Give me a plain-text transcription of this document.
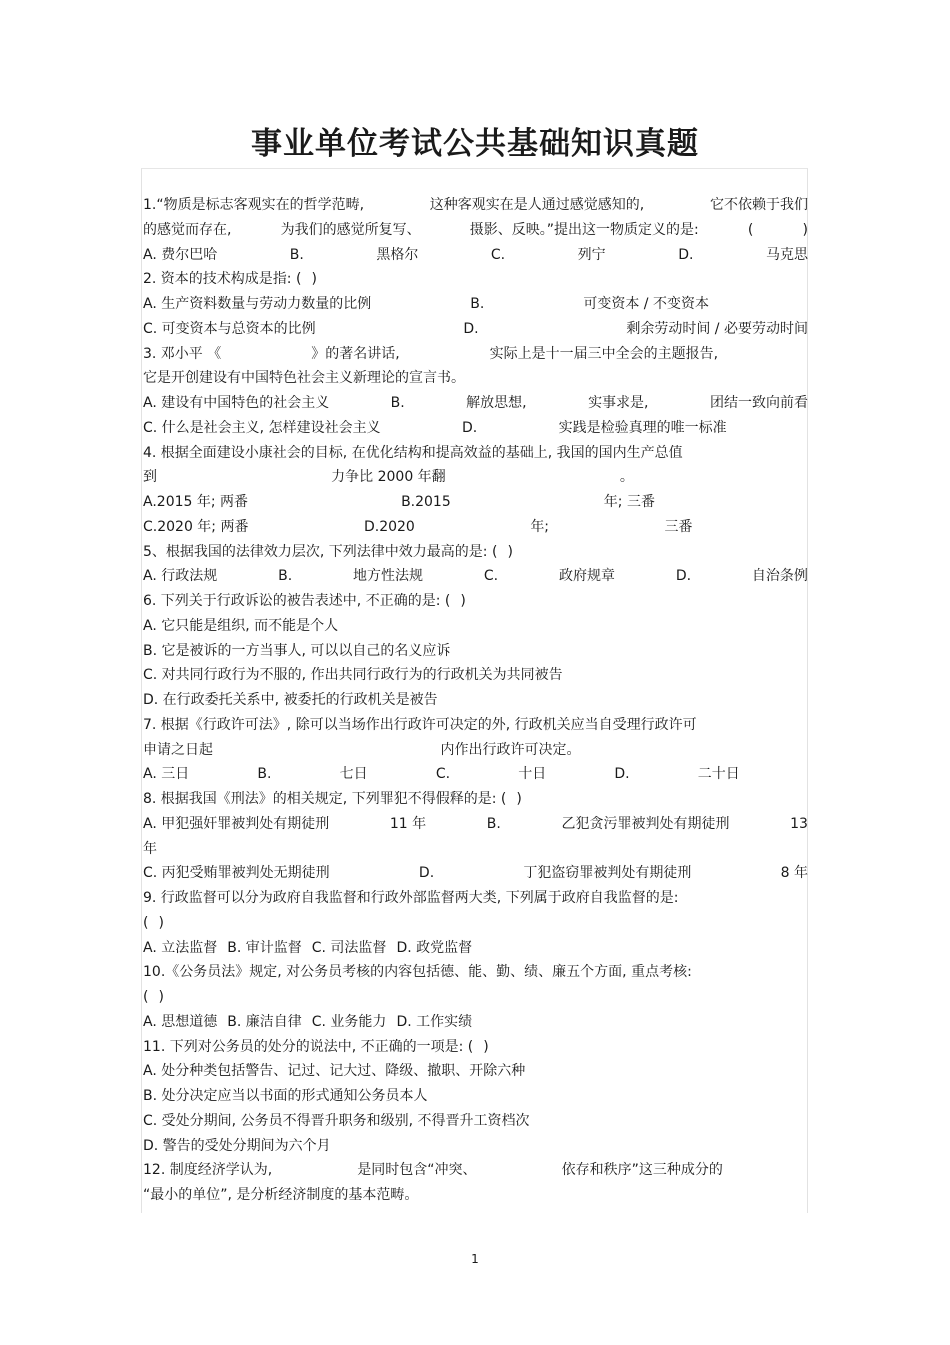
事业单位考试公共基础知识真题
1.“物质是标志客观实在的哲学范畴,	这种客观实在是人通过感觉感知的,	它不依赖于我们
的感觉而存在,	为我们的感觉所复写、	摄影、反映。”提出这一物质定义的是:	(	)
A. 费尔巴哈	B.	黑格尔	C.	列宁	D.	马克思
2. 资本的技术构成是指: ( )
A. 生产资料数量与劳动力数量的比例	B.	可变资本 / 不变资本
C. 可变资本与总资本的比例	D.	剩余劳动时间 / 必要劳动时间
3. 邓小平 《	》的著名讲话,	实际上是十一届三中全会的主题报告,
它是开创建设有中国特色社会主义新理论的宣言书。
A. 建设有中国特色的社会主义	B.	解放思想,	实事求是,	团结一致向前看
C. 什么是社会主义, 怎样建设社会主义	D.	实践是检验真理的唯一标准
4. 根据全面建设小康社会的目标, 在优化结构和提高效益的基础上, 我国的国内生产总值
到	力争比 2000 年翻	。
A.2015 年; 两番	B.2015	年; 三番
C.2020 年; 两番	D.2020	年;	三番
5、根据我国的法律效力层次, 下列法律中效力最高的是: ( )
A. 行政法规	B.	地方性法规	C.	政府规章	D.	自治条例
6. 下列关于行政诉讼的被告表述中, 不正确的是: ( )
A. 它只能是组织, 而不能是个人
B. 它是被诉的一方当事人, 可以以自己的名义应诉
C. 对共同行政行为不服的, 作出共同行政行为的行政机关为共同被告
D. 在行政委托关系中, 被委托的行政机关是被告
7. 根据《行政许可法》, 除可以当场作出行政许可决定的外, 行政机关应当自受理行政许可
申请之日起	内作出行政许可决定。
A. 三日	B.	七日	C.	十日	D.	二十日
8. 根据我国《刑法》的相关规定, 下列罪犯不得假释的是: ( )
A. 甲犯强奸罪被判处有期徒刑	11 年	B.	乙犯贪污罪被判处有期徒刑	13
年
C. 丙犯受贿罪被判处无期徒刑	D.	丁犯盗窃罪被判处有期徒刑	8 年
9. 行政监督可以分为政府自我监督和行政外部监督两大类, 下列属于政府自我监督的是:
( )
A. 立法监督 B. 审计监督 C. 司法监督 D. 政党监督
10.《公务员法》规定, 对公务员考核的内容包括德、能、勤、绩、廉五个方面, 重点考核:
( )
A. 思想道德 B. 廉洁自律 C. 业务能力 D. 工作实绩
11. 下列对公务员的处分的说法中, 不正确的一项是: ( )
A. 处分种类包括警告、记过、记大过、降级、撤职、开除六种
B. 处分决定应当以书面的形式通知公务员本人
C. 受处分期间, 公务员不得晋升职务和级别, 不得晋升工资档次
D. 警告的受处分期间为六个月
12. 制度经济学认为,	是同时包含“冲突、	依存和秩序”这三种成分的
“最小的单位”, 是分析经济制度的基本范畴。
1
